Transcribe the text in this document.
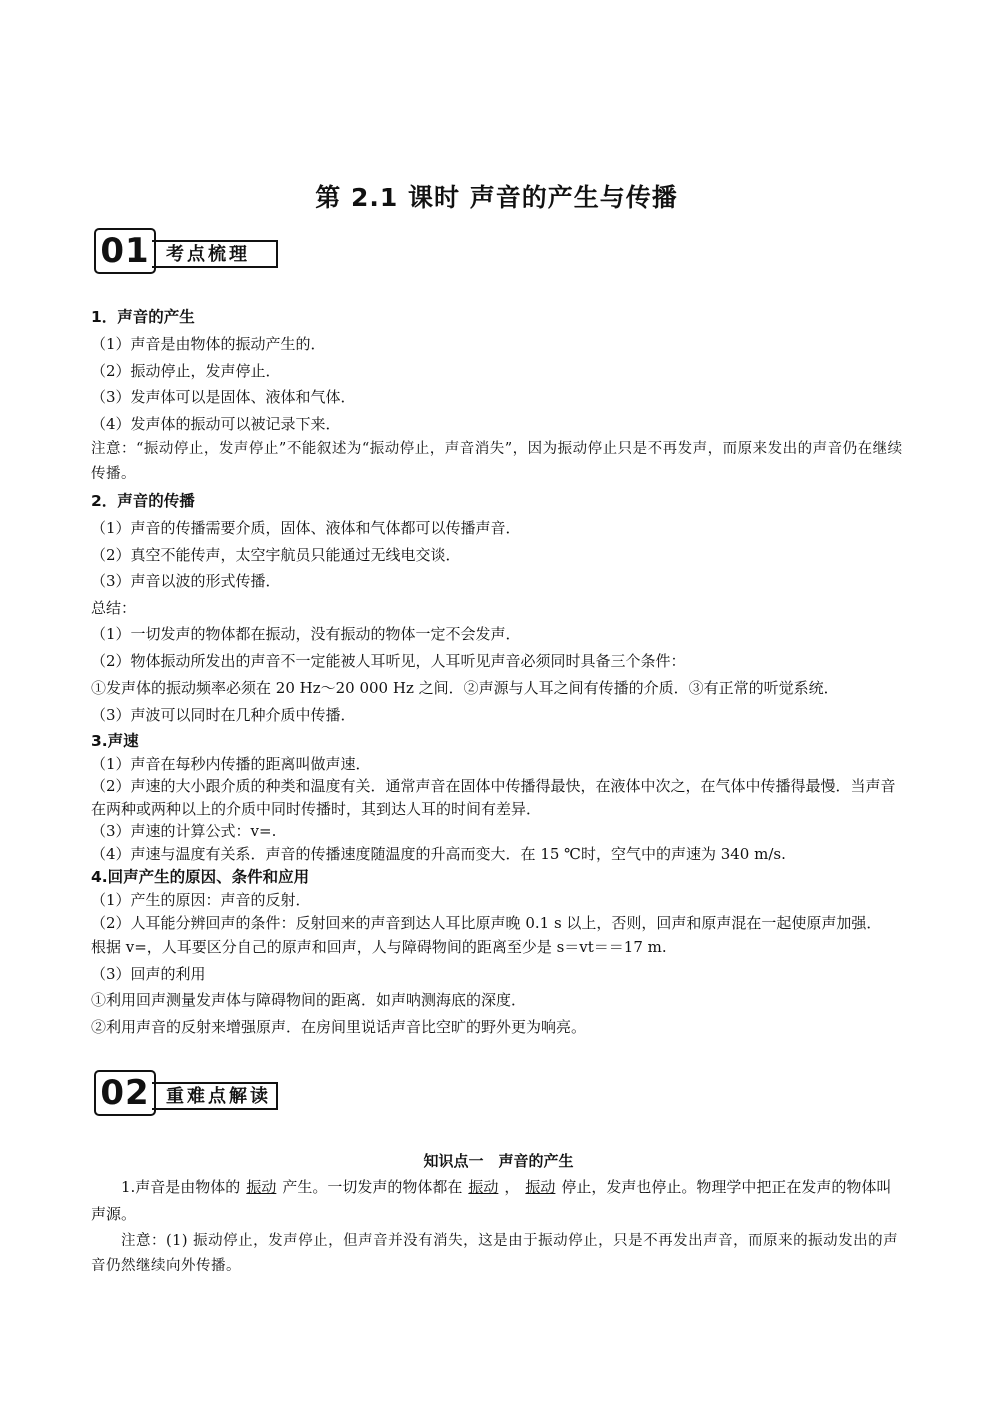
第 2.1 课时 声音的产生与传播
01 考点梳理

1．声音的产生

（1）声音是由物体的振动产生的．

（2）振动停止，发声停止．

（3）发声体可以是固体、液体和气体．

（4）发声体的振动可以被记录下来．

注意：“振动停止，发声停止”不能叙述为“振动停止，声音消失”，因为振动停止只是不再发声，而原来发出的声音仍在继续传播。

2．声音的传播

（1）声音的传播需要介质，固体、液体和气体都可以传播声音．

（2）真空不能传声，太空宇航员只能通过无线电交谈．

（3）声音以波的形式传播．

总结：

（1）一切发声的物体都在振动，没有振动的物体一定不会发声．

（2）物体振动所发出的声音不一定能被人耳听见，人耳听见声音必须同时具备三个条件：

①发声体的振动频率必须在 20 Hz～20 000 Hz 之间．②声源与人耳之间有传播的介质．③有正常的听觉系统．

（3）声波可以同时在几种介质中传播．

3.声速

（1）声音在每秒内传播的距离叫做声速．

（2）声速的大小跟介质的种类和温度有关．通常声音在固体中传播得最快，在液体中次之，在气体中传播得最慢．当声音在两种或两种以上的介质中同时传播时，其到达人耳的时间有差异．

（3）声速的计算公式：v=.

（4）声速与温度有关系．声音的传播速度随温度的升高而变大．在 15 ℃时，空气中的声速为 340 m/s.

4.回声产生的原因、条件和应用

（1）产生的原因：声音的反射．

（2）人耳能分辨回声的条件：反射回来的声音到达人耳比原声晚 0.1 s 以上，否则，回声和原声混在一起使原声加强．

根据 v=，人耳要区分自己的原声和回声，人与障碍物间的距离至少是 s＝vt＝＝17 m.

（3）回声的利用

①利用回声测量发声体与障碍物间的距离．如声呐测海底的深度．

②利用声音的反射来增强原声．在房间里说话声音比空旷的野外更为响亮。

02 重难点解读

知识点一　声音的产生

1.声音是由物体的 振动 产生。一切发声的物体都在 振动 ， 振动 停止，发声也停止。物理学中把正在发声的物体叫声源。

注意：(1) 振动停止，发声停止，但声音并没有消失，这是由于振动停止，只是不再发出声音，而原来的振动发出的声音仍然继续向外传播。
